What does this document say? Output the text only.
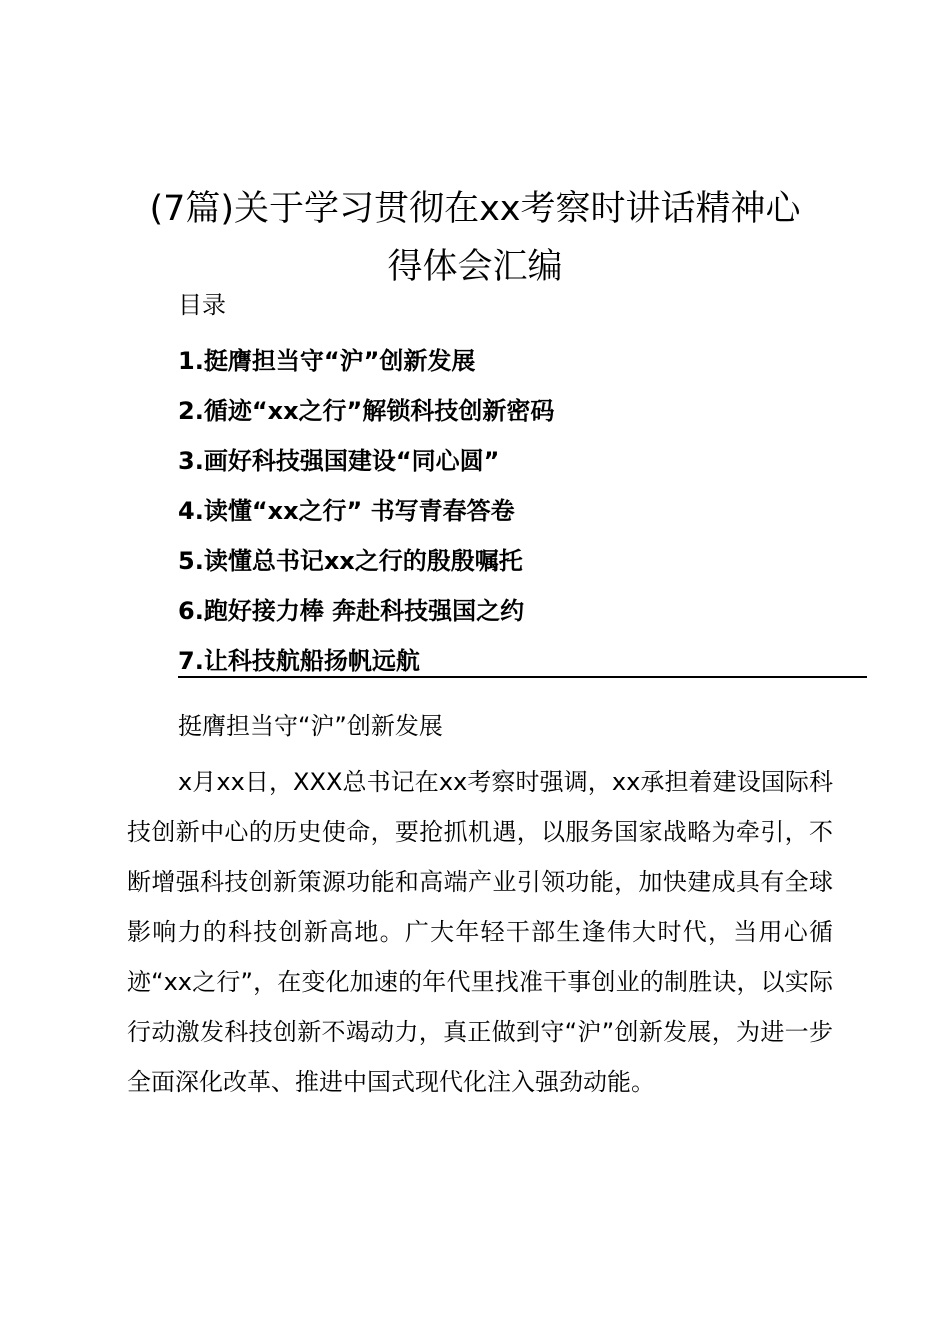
(7篇)关于学习贯彻在xx考察时讲话精神心
得体会汇编
目录
1.挺膺担当守“沪”创新发展
2.循迹“xx之行”解锁科技创新密码
3.画好科技强国建设“同心圆”
4.读懂“xx之行” 书写青春答卷
5.读懂总书记xx之行的殷殷嘱托
6.跑好接力棒 奔赴科技强国之约
7.让科技航船扬帆远航
挺膺担当守“沪”创新发展

x月xx日，XXX总书记在xx考察时强调，xx承担着建设国际科技创新中心的历史使命，要抢抓机遇，以服务国家战略为牵引，不断增强科技创新策源功能和高端产业引领功能，加快建成具有全球影响力的科技创新高地。广大年轻干部生逢伟大时代，当用心循迹“xx之行”，在变化加速的年代里找准干事创业的制胜诀，以实际行动激发科技创新不竭动力，真正做到守“沪”创新发展，为进一步全面深化改革、推进中国式现代化注入强劲动能。
